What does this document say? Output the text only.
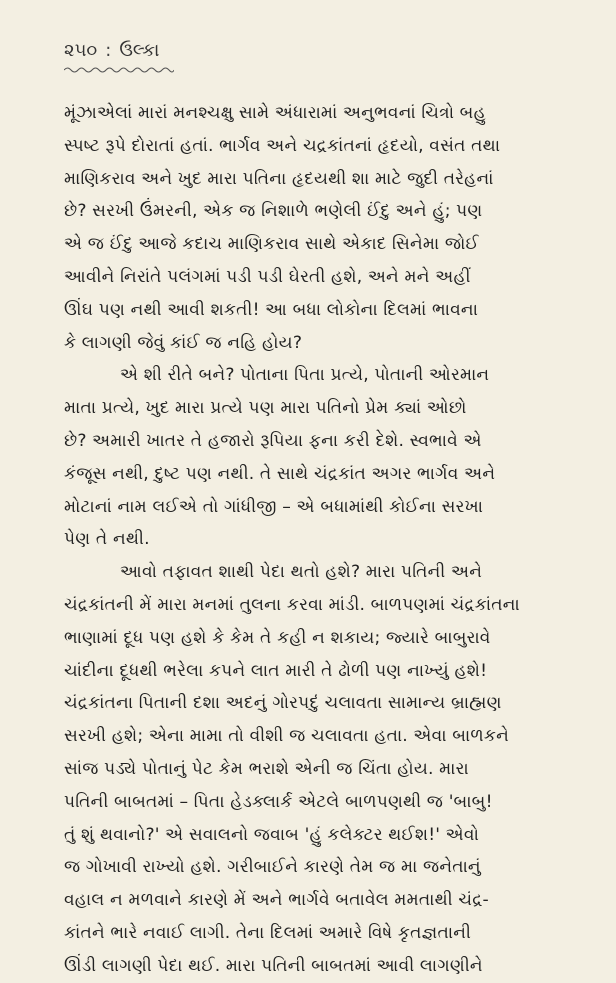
૨૫૦ : ઉલ્કા

મૂંઝાએલાં મારાં મનશ્ચક્ષુ સામે અંધારામાં અનુભવનાં ચિત્રો બહુ
સ્પષ્ટ રૂપે દોરાતાં હતાં. ભાર્ગવ અને ચદ્રકાંતનાં હૃદયો, વસંત તથા
માણિકરાવ અને ખુદ મારા પતિના હૃદયથી શા માટે જુદી તરેહનાં
છે? સરખી ઉંમરની, એક જ નિશાળે ભણેલી ઈંદુ અને હું; પણ
એ જ ઈંદુ આજે કદાચ માણિકરાવ સાથે એકાદ સિનેમા જોઈ
આવીને નિરાંતે પલંગમાં પડી પડી ઘેરતી હશે, અને મને અહીં
ઊંઘ પણ નથી આવી શકતી! આ બધા લોકોના દિલમાં ભાવના
કે લાગણી જેવું કાંઈ જ નહિ હોય?

એ શી રીતે બને? પોતાના પિતા પ્રત્યે, પોતાની ઓરમાન
માતા પ્રત્યે, ખુદ મારા પ્રત્યે પણ મારા પતિનો પ્રેમ ક્યાં ઓછો
છે? અમારી ખાતર તે હજારો રૂપિયા ફના કરી દેશે. સ્વભાવે એ
કંજૂસ નથી, દુષ્ટ પણ નથી. તે સાથે ચંદ્રકાંત અગર ભાર્ગવ અને
મોટાનાં નામ લઈએ તો ગાંધીજી – એ બધામાંથી કોઈના સરખા
પેણ તે નથી.

આવો તફાવત શાથી પેદા થતો હશે? મારા પતિની અને
ચંદ્રકાંતની મેં મારા મનમાં તુલના કરવા માંડી. બાળપણમાં ચંદ્રકાંતના
ભાણામાં દૂધ પણ હશે કે કેમ તે કહી ન શકાય; જ્યારે બાબુરાવે
ચાંદીના દૂધથી ભરેલા કપને લાત મારી તે ઢોળી પણ નાખ્યું હશે!
ચંદ્રકાંતના પિતાની દશા અદનું ગોરપદું ચલાવતા સામાન્ય બ્રાહ્મણ
સરખી હશે; એના મામા તો વીશી જ ચલાવતા હતા. એવા બાળકને
સાંજ પડ્યે પોતાનું પેટ કેમ ભરાશે એની જ ચિંતા હોય. મારા
પતિની બાબતમાં – પિતા હેડક્લાર્ક એટલે બાળપણથી જ 'બાબુ!
તું શું થવાનો?' એ સવાલનો જવાબ 'હું કલેક્ટર થઈશ!' એવો
જ ગોખાવી રાખ્યો હશે. ગરીબાઈને કારણે તેમ જ મા જનેતાનું
વહાલ ન મળવાને કારણે મેં અને ભાર્ગવે બતાવેલ મમતાથી ચંદ્ર-
કાંતને ભારે નવાઈ લાગી. તેના દિલમાં અમારે વિષે કૃતજ્ઞતાની
ઊંડી લાગણી પેદા થઈ. મારા પતિની બાબતમાં આવી લાગણીને
